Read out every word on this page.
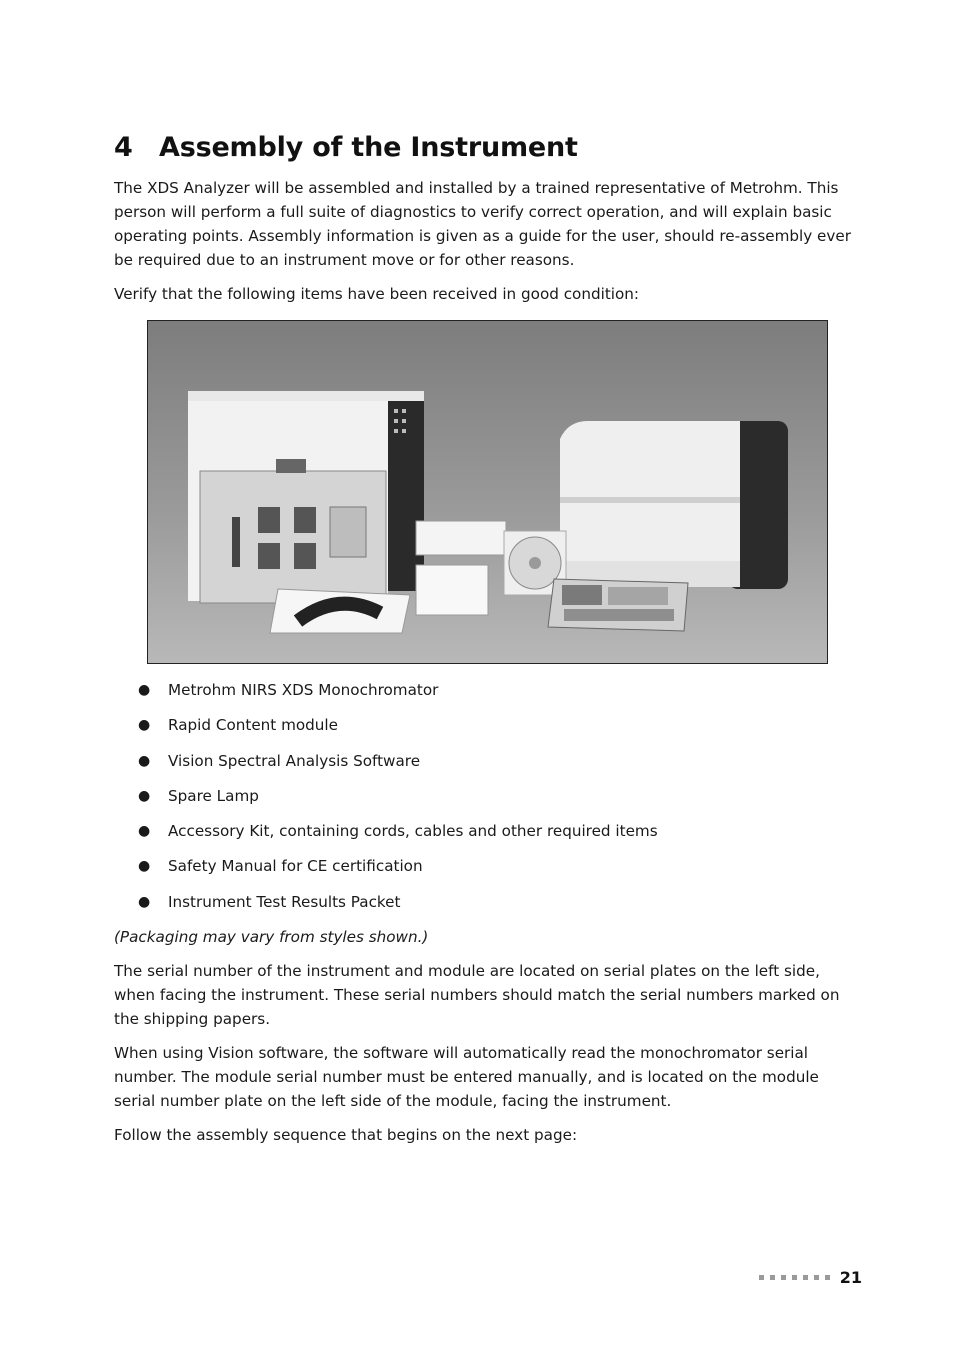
4 Assembly of the Instrument

The XDS Analyzer will be assembled and installed by a trained representative of Metrohm. This person will perform a full suite of diagnostics to verify correct operation, and will explain basic operating points. Assembly information is given as a guide for the user, should re-assembly ever be required due to an instrument move or for other reasons.

Verify that the following items have been received in good condition:

● Metrohm NIRS XDS Monochromator
● Rapid Content module
● Vision Spectral Analysis Software
● Spare Lamp
● Accessory Kit, containing cords, cables and other required items
● Safety Manual for CE certification
● Instrument Test Results Packet

(Packaging may vary from styles shown.)

The serial number of the instrument and module are located on serial plates on the left side, when facing the instrument. These serial numbers should match the serial numbers marked on the shipping papers.

When using Vision software, the software will automatically read the monochromator serial number. The module serial number must be entered manually, and is located on the module serial number plate on the left side of the module, facing the instrument.

Follow the assembly sequence that begins on the next page:

21
